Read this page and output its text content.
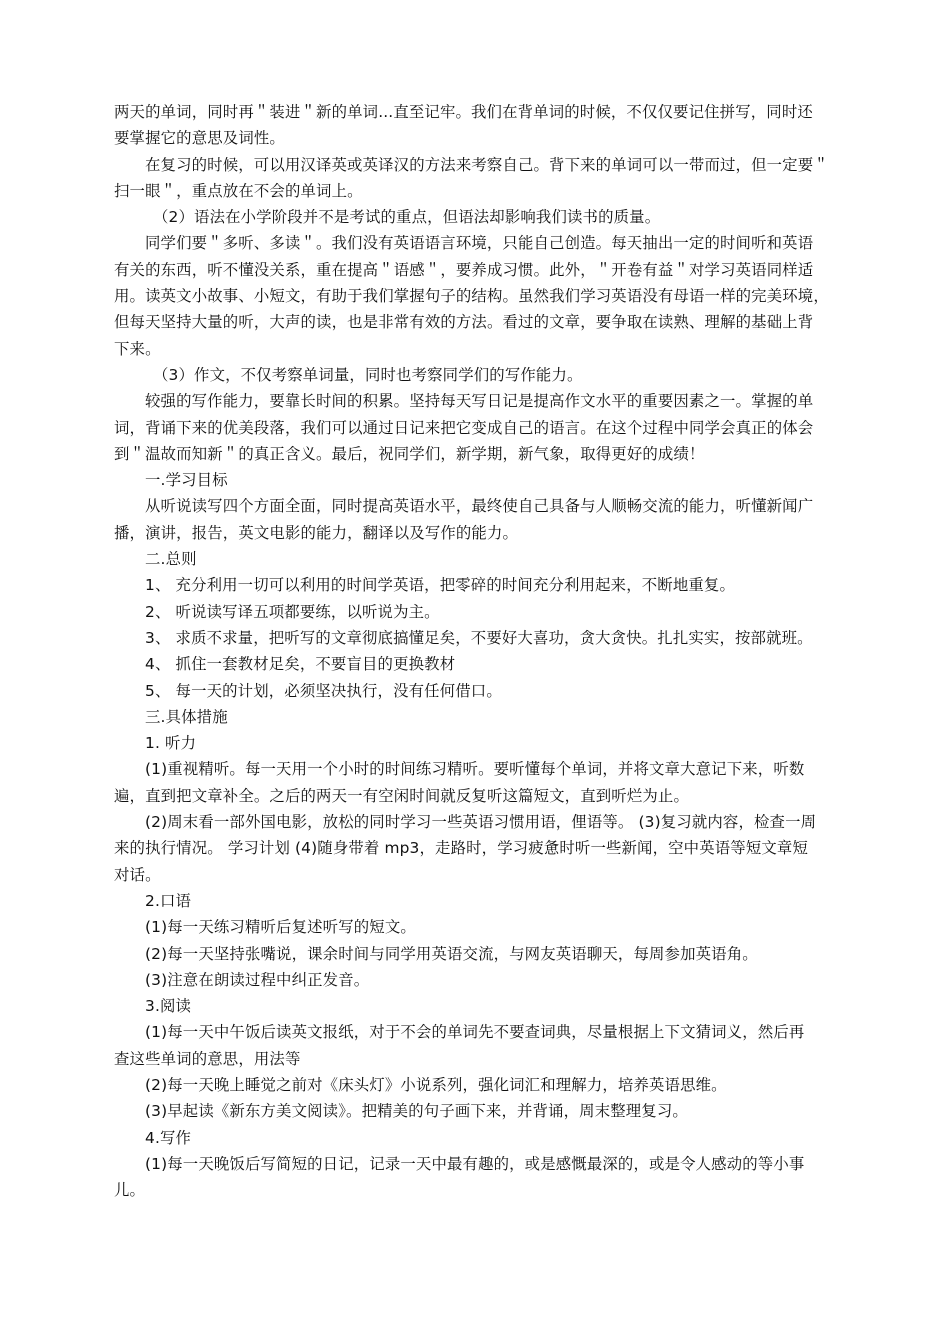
两天的单词，同时再＂装进＂新的单词...直至记牢。我们在背单词的时候，不仅仅要记住拼写，同时还

要掌握它的意思及词性。

在复习的时候，可以用汉译英或英译汉的方法来考察自己。背下来的单词可以一带而过，但一定要＂

扫一眼＂，重点放在不会的单词上。

（2）语法在小学阶段并不是考试的重点，但语法却影响我们读书的质量。

同学们要＂多听、多读＂。我们没有英语语言环境，只能自己创造。每天抽出一定的时间听和英语

有关的东西，听不懂没关系，重在提高＂语感＂，要养成习惯。此外，＂开卷有益＂对学习英语同样适

用。读英文小故事、小短文，有助于我们掌握句子的结构。虽然我们学习英语没有母语一样的完美环境，

但每天坚持大量的听，大声的读，也是非常有效的方法。看过的文章，要争取在读熟、理解的基础上背

下来。

（3）作文，不仅考察单词量，同时也考察同学们的写作能力。

较强的写作能力，要靠长时间的积累。坚持每天写日记是提高作文水平的重要因素之一。掌握的单

词，背诵下来的优美段落，我们可以通过日记来把它变成自己的语言。在这个过程中同学会真正的体会

到＂温故而知新＂的真正含义。最后，祝同学们，新学期，新气象，取得更好的成绩！

一.学习目标

从听说读写四个方面全面，同时提高英语水平，最终使自己具备与人顺畅交流的能力，听懂新闻广

播，演讲，报告，英文电影的能力，翻译以及写作的能力。

二.总则

1、 充分利用一切可以利用的时间学英语，把零碎的时间充分利用起来，不断地重复。

2、 听说读写译五项都要练，以听说为主。

3、 求质不求量，把听写的文章彻底搞懂足矣，不要好大喜功，贪大贪快。扎扎实实，按部就班。

4、 抓住一套教材足矣，不要盲目的更换教材

5、 每一天的计划，必须坚决执行，没有任何借口。

三.具体措施

1. 听力

(1)重视精听。每一天用一个小时的时间练习精听。要听懂每个单词，并将文章大意记下来，听数

遍，直到把文章补全。之后的两天一有空闲时间就反复听这篇短文，直到听烂为止。

(2)周末看一部外国电影，放松的同时学习一些英语习惯用语，俚语等。 (3)复习就内容，检查一周

来的执行情况。 学习计划 (4)随身带着 mp3，走路时，学习疲惫时听一些新闻，空中英语等短文章短

对话。

2.口语

(1)每一天练习精听后复述听写的短文。

(2)每一天坚持张嘴说，课余时间与同学用英语交流，与网友英语聊天，每周参加英语角。

(3)注意在朗读过程中纠正发音。

3.阅读

(1)每一天中午饭后读英文报纸，对于不会的单词先不要查词典，尽量根据上下文猜词义，然后再

查这些单词的意思，用法等

(2)每一天晚上睡觉之前对《床头灯》小说系列，强化词汇和理解力，培养英语思维。

(3)早起读《新东方美文阅读》。把精美的句子画下来，并背诵，周末整理复习。

4.写作

(1)每一天晚饭后写简短的日记，记录一天中最有趣的，或是感慨最深的，或是令人感动的等小事

儿。
